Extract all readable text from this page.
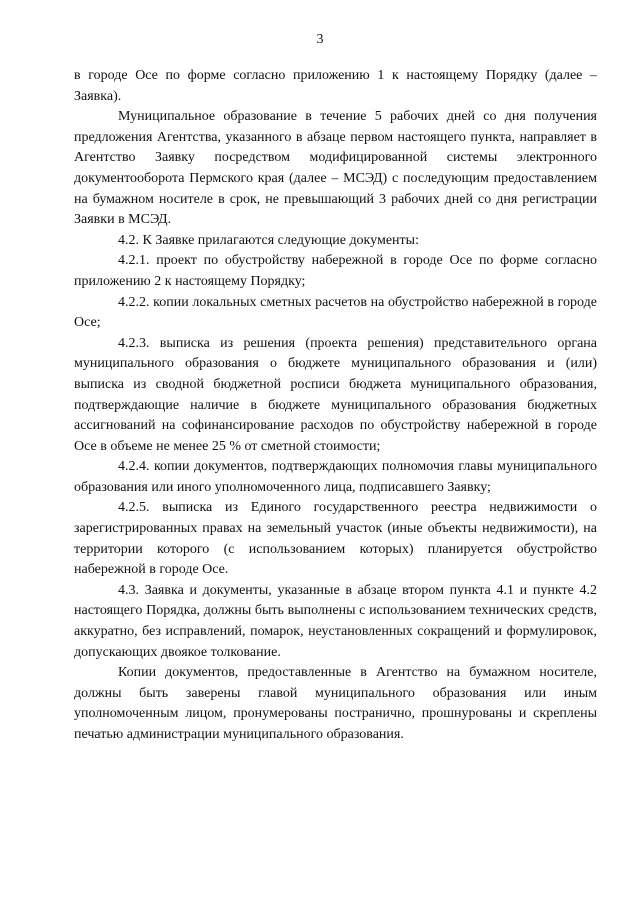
3

в городе Осе по форме согласно приложению 1 к настоящему Порядку (далее – Заявка).

Муниципальное образование в течение 5 рабочих дней со дня получения предложения Агентства, указанного в абзаце первом настоящего пункта, направляет в Агентство Заявку посредством модифицированной системы электронного документооборота Пермского края (далее – МСЭД) с последующим предоставлением на бумажном носителе в срок, не превышающий 3 рабочих дней со дня регистрации Заявки в МСЭД.

4.2. К Заявке прилагаются следующие документы:

4.2.1. проект по обустройству набережной в городе Осе по форме согласно приложению 2 к настоящему Порядку;

4.2.2. копии локальных сметных расчетов на обустройство набережной в городе Осе;

4.2.3. выписка из решения (проекта решения) представительного органа муниципального образования о бюджете муниципального образования и (или) выписка из сводной бюджетной росписи бюджета муниципального образования, подтверждающие наличие в бюджете муниципального образования бюджетных ассигнований на софинансирование расходов по обустройству набережной в городе Осе в объеме не менее 25 % от сметной стоимости;

4.2.4. копии документов, подтверждающих полномочия главы муниципального образования или иного уполномоченного лица, подписавшего Заявку;

4.2.5. выписка из Единого государственного реестра недвижимости о зарегистрированных правах на земельный участок (иные объекты недвижимости), на территории которого (с использованием которых) планируется обустройство набережной в городе Осе.

4.3. Заявка и документы, указанные в абзаце втором пункта 4.1 и пункте 4.2 настоящего Порядка, должны быть выполнены с использованием технических средств, аккуратно, без исправлений, помарок, неустановленных сокращений и формулировок, допускающих двоякое толкование.

Копии документов, предоставленные в Агентство на бумажном носителе, должны быть заверены главой муниципального образования или иным уполномоченным лицом, пронумерованы постранично, прошнурованы и скреплены печатью администрации муниципального образования.
